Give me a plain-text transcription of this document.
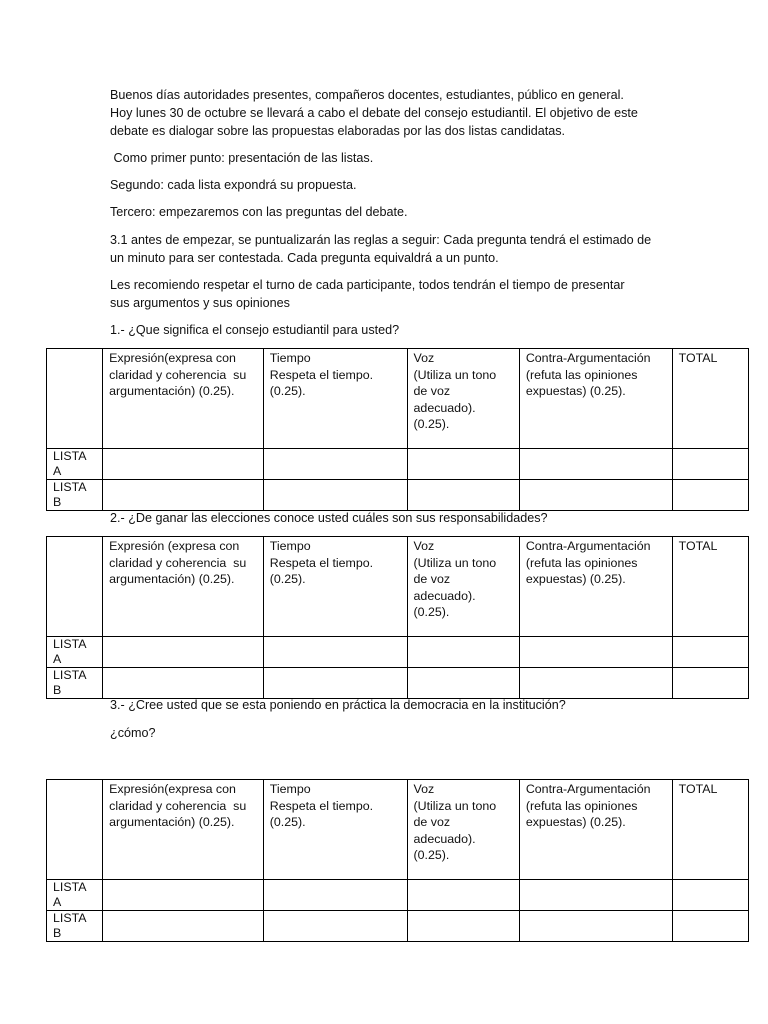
Buenos días autoridades presentes, compañeros docentes, estudiantes, público en general.
Hoy lunes 30 de octubre se llevará a cabo el debate del consejo estudiantil. El objetivo de este
debate es dialogar sobre las propuestas elaboradas por las dos listas candidatas.
Como primer punto: presentación de las listas.
Segundo: cada lista expondrá su propuesta.
Tercero: empezaremos con las preguntas del debate.
3.1 antes de empezar, se puntualizarán las reglas a seguir: Cada pregunta tendrá el estimado de
un minuto para ser contestada. Cada pregunta equivaldrá a un punto.
Les recomiendo respetar el turno de cada participante, todos tendrán el tiempo de presentar
sus argumentos y sus opiniones
1.- ¿Que significa el consejo estudiantil para usted?
	Expresión(expresa con
claridad y coherencia  su
argumentación) (0.25).	Tiempo
Respeta el tiempo.
(0.25).	Voz
(Utiliza un tono
de voz
adecuado).
(0.25).	Contra-Argumentación
(refuta las opiniones
expuestas) (0.25).	TOTAL
LISTA A					
LISTA B					
2.- ¿De ganar las elecciones conoce usted cuáles son sus responsabilidades?
	Expresión (expresa con
claridad y coherencia  su
argumentación) (0.25).	Tiempo
Respeta el tiempo.
(0.25).	Voz
(Utiliza un tono
de voz
adecuado).
(0.25).	Contra-Argumentación
(refuta las opiniones
expuestas) (0.25).	TOTAL
LISTA A					
LISTA B					
3.- ¿Cree usted que se esta poniendo en práctica la democracia en la institución?
¿cómo?
	Expresión(expresa con
claridad y coherencia  su
argumentación) (0.25).	Tiempo
Respeta el tiempo.
(0.25).	Voz
(Utiliza un tono
de voz
adecuado).
(0.25).	Contra-Argumentación
(refuta las opiniones
expuestas) (0.25).	TOTAL
LISTA A					
LISTA B					
